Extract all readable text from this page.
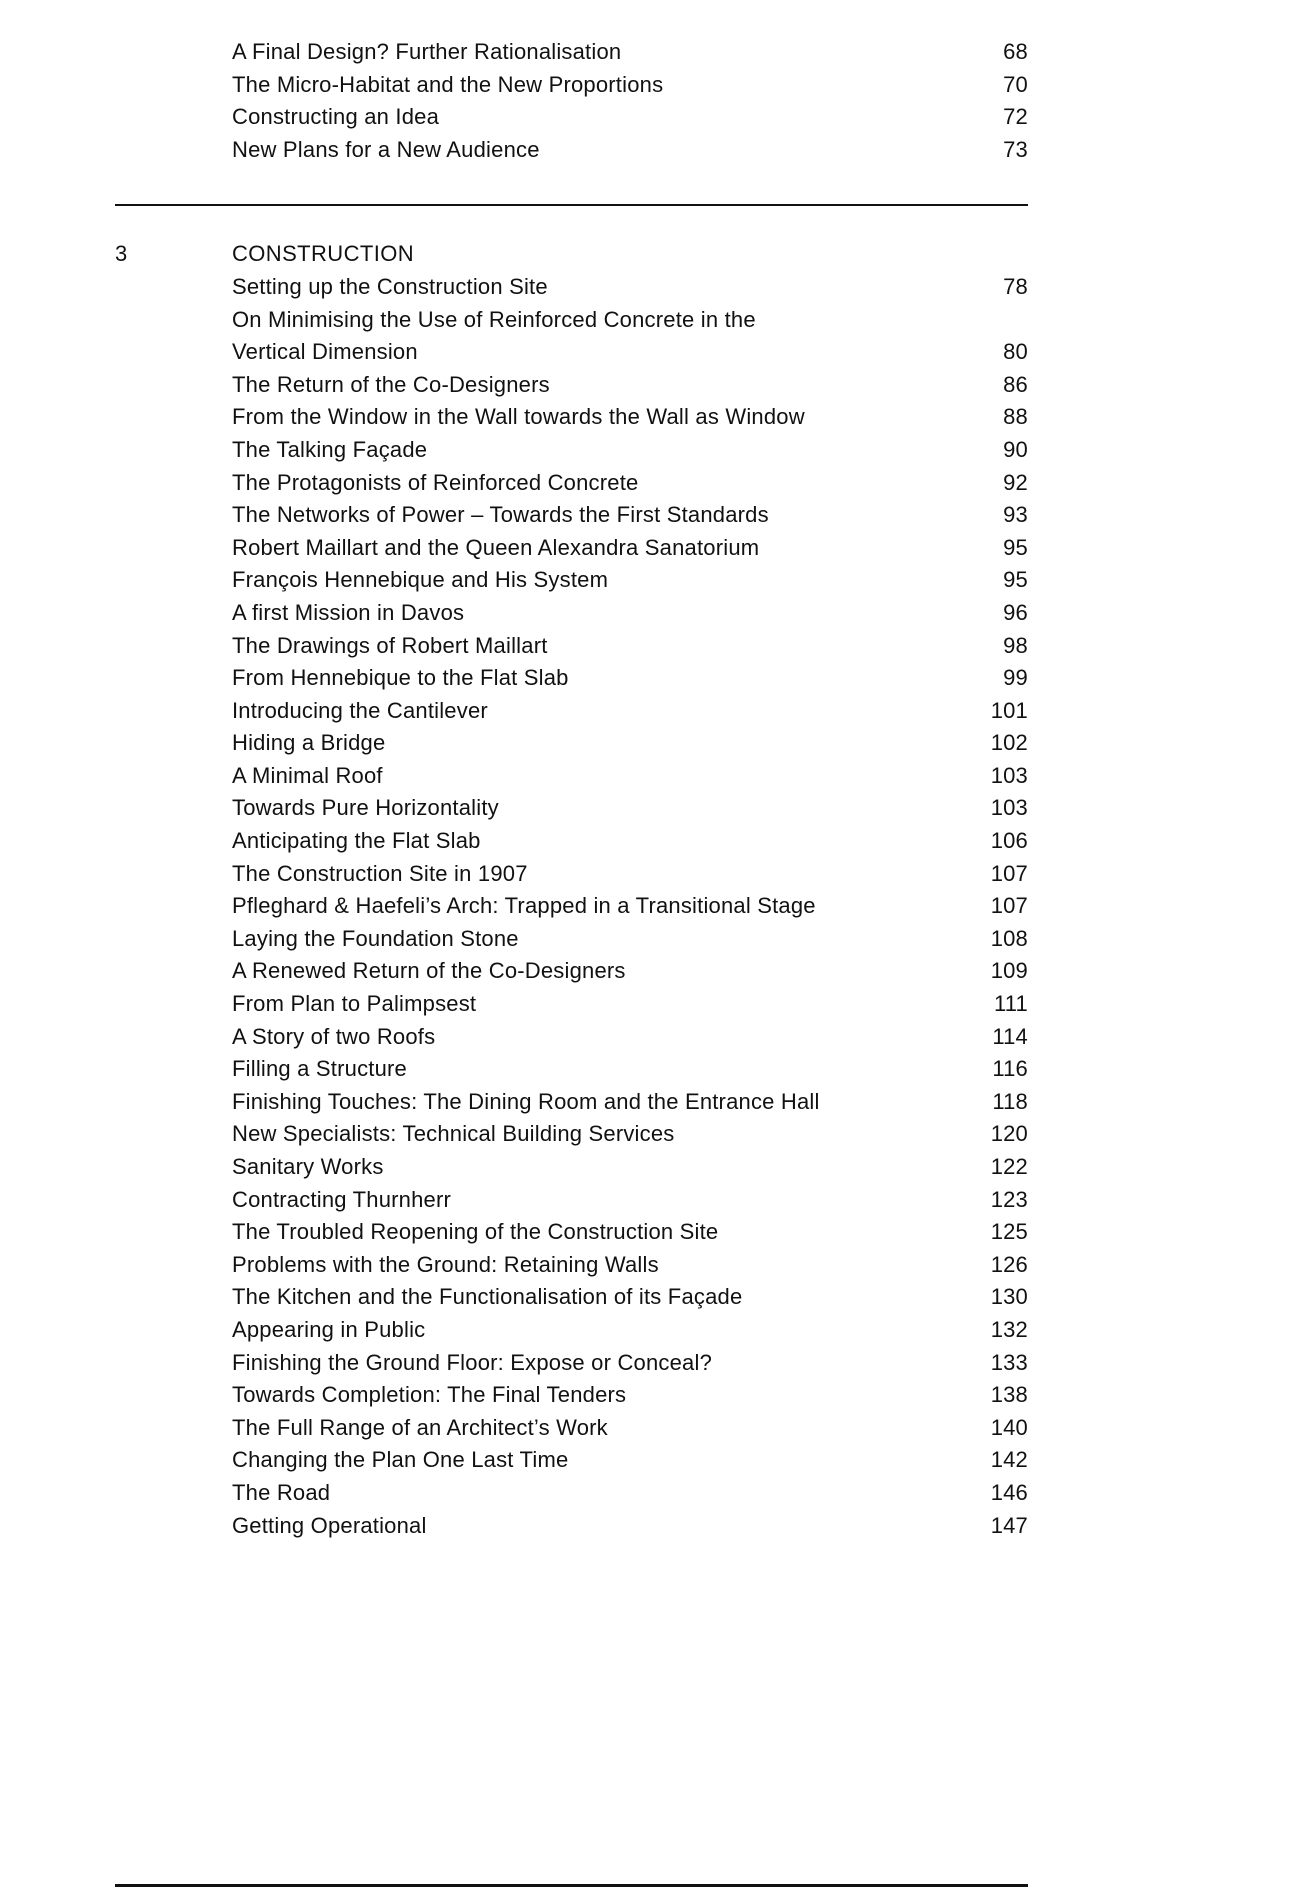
A Final Design? Further Rationalisation	68
The Micro-Habitat and the New Proportions	70
Constructing an Idea	72
New Plans for a New Audience	73
3	CONSTRUCTION
Setting up the Construction Site	78
On Minimising the Use of Reinforced Concrete in the
Vertical Dimension	80
The Return of the Co-Designers	86
From the Window in the Wall towards the Wall as Window	88
The Talking Façade	90
The Protagonists of Reinforced Concrete	92
The Networks of Power – Towards the First Standards	93
Robert Maillart and the Queen Alexandra Sanatorium	95
François Hennebique and His System	95
A first Mission in Davos	96
The Drawings of Robert Maillart	98
From Hennebique to the Flat Slab	99
Introducing the Cantilever	101
Hiding a Bridge	102
A Minimal Roof	103
Towards Pure Horizontality	103
Anticipating the Flat Slab	106
The Construction Site in 1907	107
Pfleghard & Haefeli’s Arch: Trapped in a Transitional Stage	107
Laying the Foundation Stone	108
A Renewed Return of the Co-Designers	109
From Plan to Palimpsest	111
A Story of two Roofs	114
Filling a Structure	116
Finishing Touches: The Dining Room and the Entrance Hall	118
New Specialists: Technical Building Services	120
Sanitary Works	122
Contracting Thurnherr	123
The Troubled Reopening of the Construction Site	125
Problems with the Ground: Retaining Walls	126
The Kitchen and the Functionalisation of its Façade	130
Appearing in Public	132
Finishing the Ground Floor: Expose or Conceal?	133
Towards Completion: The Final Tenders	138
The Full Range of an Architect’s Work	140
Changing the Plan One Last Time	142
The Road	146
Getting Operational	147
